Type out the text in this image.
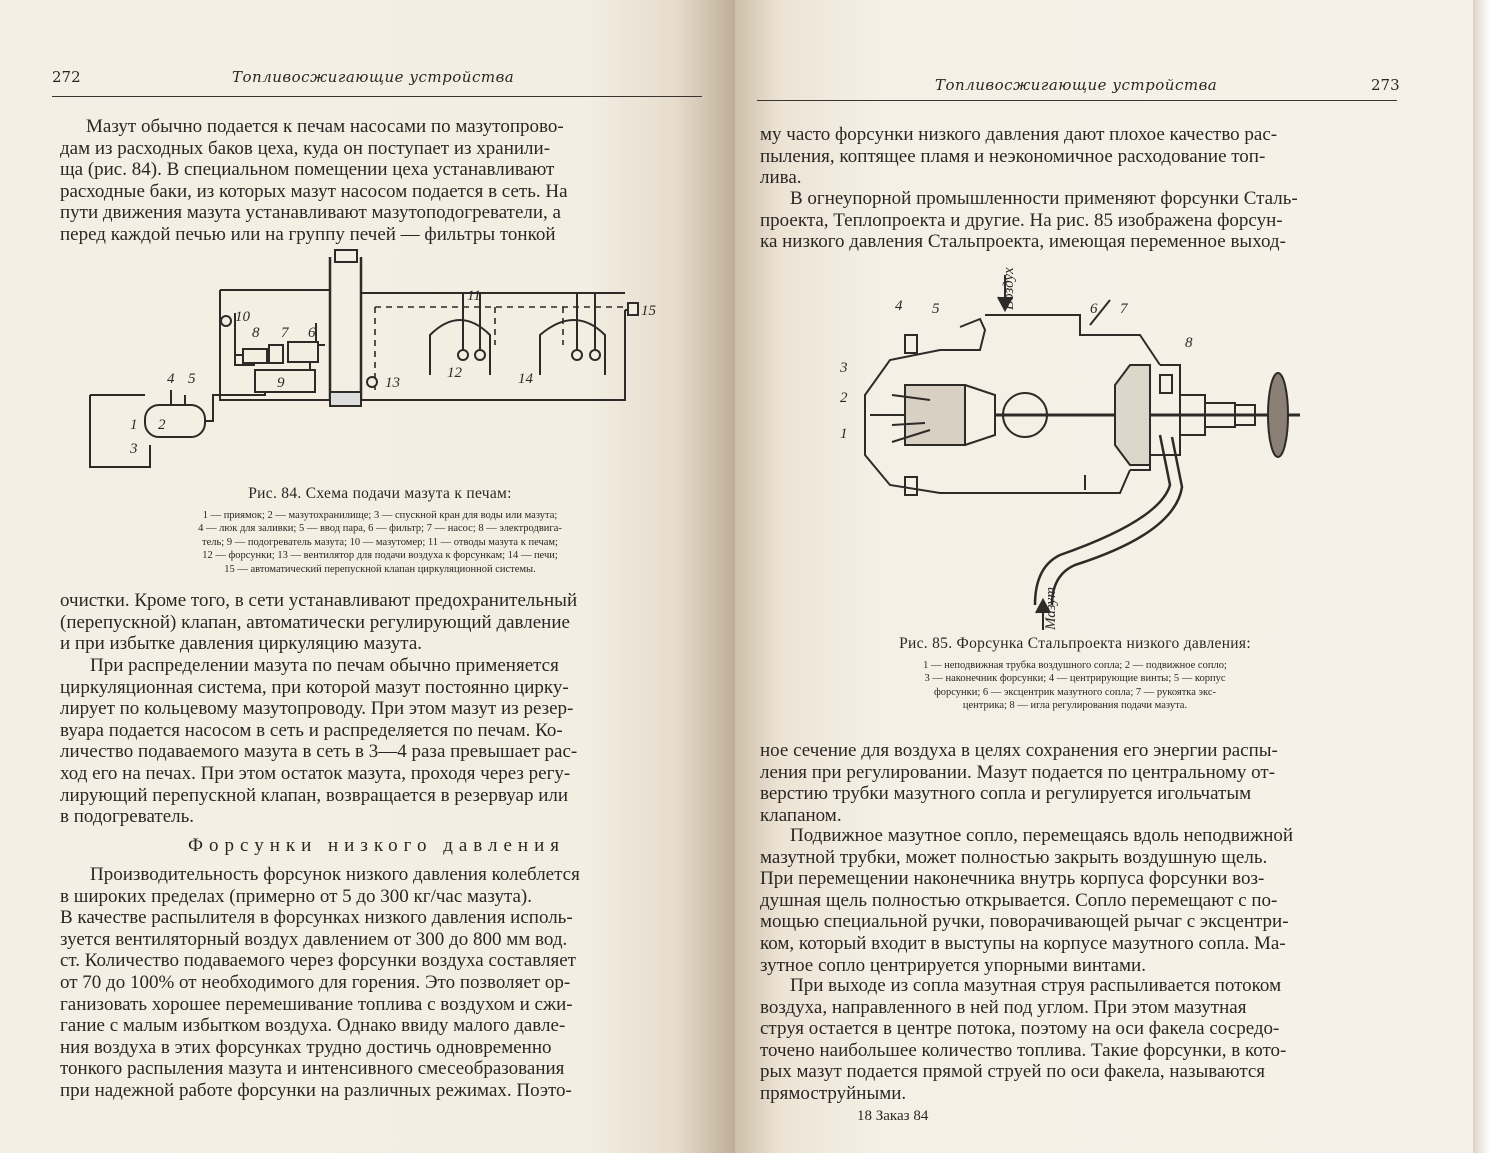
272	Топливосжигающие устройства
Мазут обычно подается к печам насосами по мазутопрово-
дам из расходных баков цеха, куда он поступает из хранили-
ща (рис. 84). В специальном помещении цеха устанавливают
расходные баки, из которых мазут насосом подается в сеть. На
пути движения мазута устанавливают мазутоподогреватели, а
перед каждой печью или на группу печей — фильтры тонкой
1 2
3
4 5
6
7
8
9
10
11
12
13	14
15
Рис. 84. Схема подачи мазута к печам:
1 — приямок; 2 — мазутохранилище; 3 — спускной кран для воды или мазута;
4 — люк для заливки; 5 — ввод пара, 6 — фильтр; 7 — насос; 8 — электродвига-
тель; 9 — подогреватель мазута; 10 — мазутомер; 11 — отводы мазута к печам;
12 — форсунки; 13 — вентилятор для подачи воздуха к форсункам; 14 — печи;
15 — автоматический перепускной клапан циркуляционной системы.
очистки. Кроме того, в сети устанавливают предохранительный
(перепускной) клапан, автоматически регулирующий давление
и при избытке давления циркуляцию мазута.
При распределении мазута по печам обычно применяется
циркуляционная система, при которой мазут постоянно цирку-
лирует по кольцевому мазутопроводу. При этом мазут из резер-
вуара подается насосом в сеть и распределяется по печам. Ко-
личество подаваемого мазута в сеть в 3—4 раза превышает рас-
ход его на печах. При этом остаток мазута, проходя через регу-
лирующий перепускной клапан, возвращается в резервуар или
в подогреватель.
Форсунки низкого давления
Производительность форсунок низкого давления колеблется
в широких пределах (примерно от 5 до 300 кг/час мазута).
В качестве распылителя в форсунках низкого давления исполь-
зуется вентиляторный воздух давлением от 300 до 800 мм вод.
ст. Количество подаваемого через форсунки воздуха составляет
от 70 до 100% от необходимого для горения. Это позволяет ор-
ганизовать хорошее перемешивание топлива с воздухом и сжи-
гание с малым избытком воздуха. Однако ввиду малого давле-
ния воздуха в этих форсунках трудно достичь одновременно
тонкого распыления мазута и интенсивного смесеобразования
при надежной работе форсунки на различных режимах. Поэто-
Топливосжигающие устройства	273
му часто форсунки низкого давления дают плохое качество рас-
пыления, коптящее пламя и неэкономичное расходование топ-
лива.
В огнеупорной промышленности применяют форсунки Сталь-
проекта, Теплопроекта и другие. На рис. 85 изображена форсун-
ка низкого давления Стальпроекта, имеющая переменное выход-
Воздух
Мазут
1
2
3
4 5	6 7
8
Рис. 85. Форсунка Стальпроекта низкого давления:
1 — неподвижная трубка воздушного сопла; 2 — подвижное сопло;
3 — наконечник форсунки; 4 — центрирующие винты; 5 — корпус
форсунки; 6 — эксцентрик мазутного сопла; 7 — рукоятка экс-
центрика; 8 — игла регулирования подачи мазута.
ное сечение для воздуха в целях сохранения его энергии распы-
ления при регулировании. Мазут подается по центральному от-
верстию трубки мазутного сопла и регулируется игольчатым
клапаном.
Подвижное мазутное сопло, перемещаясь вдоль неподвижной
мазутной трубки, может полностью закрыть воздушную щель.
При перемещении наконечника внутрь корпуса форсунки воз-
душная щель полностью открывается. Сопло перемещают с по-
мощью специальной ручки, поворачивающей рычаг с эксцентри-
ком, который входит в выступы на корпусе мазутного сопла. Ма-
зутное сопло центрируется упорными винтами.
При выходе из сопла мазутная струя распыливается потоком
воздуха, направленного в ней под углом. При этом мазутная
струя остается в центре потока, поэтому на оси факела сосредо-
точено наибольшее количество топлива. Такие форсунки, в кото-
рых мазут подается прямой струей по оси факела, называются
прямоструйными.
18 Заказ 84
